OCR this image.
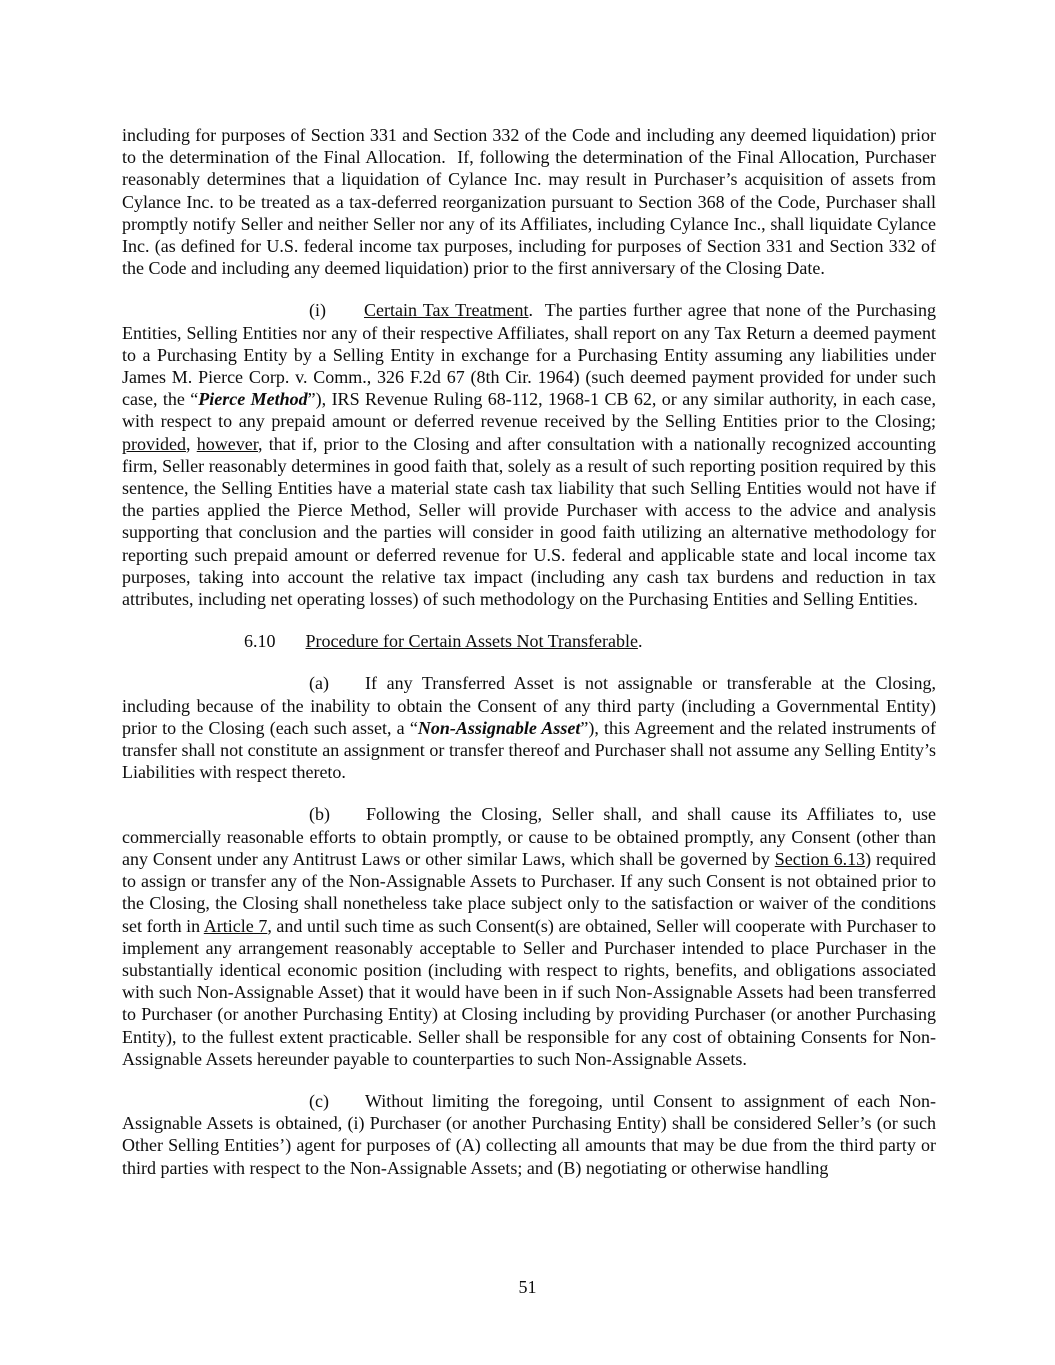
including for purposes of Section 331 and Section 332 of the Code and including any deemed liquidation) prior to the determination of the Final Allocation.  If, following the determination of the Final Allocation, Purchaser reasonably determines that a liquidation of Cylance Inc. may result in Purchaser’s acquisition of assets from Cylance Inc. to be treated as a tax-deferred reorganization pursuant to Section 368 of the Code, Purchaser shall promptly notify Seller and neither Seller nor any of its Affiliates, including Cylance Inc., shall liquidate Cylance Inc. (as defined for U.S. federal income tax purposes, including for purposes of Section 331 and Section 332 of the Code and including any deemed liquidation) prior to the first anniversary of the Closing Date.

(i) Certain Tax Treatment.  The parties further agree that none of the Purchasing Entities, Selling Entities nor any of their respective Affiliates, shall report on any Tax Return a deemed payment to a Purchasing Entity by a Selling Entity in exchange for a Purchasing Entity assuming any liabilities under James M. Pierce Corp. v. Comm., 326 F.2d 67 (8th Cir. 1964) (such deemed payment provided for under such case, the “Pierce Method”), IRS Revenue Ruling 68-112, 1968-1 CB 62, or any similar authority, in each case, with respect to any prepaid amount or deferred revenue received by the Selling Entities prior to the Closing; provided, however, that if, prior to the Closing and after consultation with a nationally recognized accounting firm, Seller reasonably determines in good faith that, solely as a result of such reporting position required by this sentence, the Selling Entities have a material state cash tax liability that such Selling Entities would not have if the parties applied the Pierce Method, Seller will provide Purchaser with access to the advice and analysis supporting that conclusion and the parties will consider in good faith utilizing an alternative methodology for reporting such prepaid amount or deferred revenue for U.S. federal and applicable state and local income tax purposes, taking into account the relative tax impact (including any cash tax burdens and reduction in tax attributes, including net operating losses) of such methodology on the Purchasing Entities and Selling Entities.

6.10 Procedure for Certain Assets Not Transferable.

(a) If any Transferred Asset is not assignable or transferable at the Closing, including because of the inability to obtain the Consent of any third party (including a Governmental Entity) prior to the Closing (each such asset, a “Non-Assignable Asset”), this Agreement and the related instruments of transfer shall not constitute an assignment or transfer thereof and Purchaser shall not assume any Selling Entity’s Liabilities with respect thereto.

(b) Following the Closing, Seller shall, and shall cause its Affiliates to, use commercially reasonable efforts to obtain promptly, or cause to be obtained promptly, any Consent (other than any Consent under any Antitrust Laws or other similar Laws, which shall be governed by Section 6.13) required to assign or transfer any of the Non-Assignable Assets to Purchaser. If any such Consent is not obtained prior to the Closing, the Closing shall nonetheless take place subject only to the satisfaction or waiver of the conditions set forth in Article 7, and until such time as such Consent(s) are obtained, Seller will cooperate with Purchaser to implement any arrangement reasonably acceptable to Seller and Purchaser intended to place Purchaser in the substantially identical economic position (including with respect to rights, benefits, and obligations associated with such Non-Assignable Asset) that it would have been in if such Non-Assignable Assets had been transferred to Purchaser (or another Purchasing Entity) at Closing including by providing Purchaser (or another Purchasing Entity), to the fullest extent practicable. Seller shall be responsible for any cost of obtaining Consents for Non-Assignable Assets hereunder payable to counterparties to such Non-Assignable Assets.

(c) Without limiting the foregoing, until Consent to assignment of each Non-Assignable Assets is obtained, (i) Purchaser (or another Purchasing Entity) shall be considered Seller’s (or such Other Selling Entities’) agent for purposes of (A) collecting all amounts that may be due from the third party or third parties with respect to the Non-Assignable Assets; and (B) negotiating or otherwise handling

51
